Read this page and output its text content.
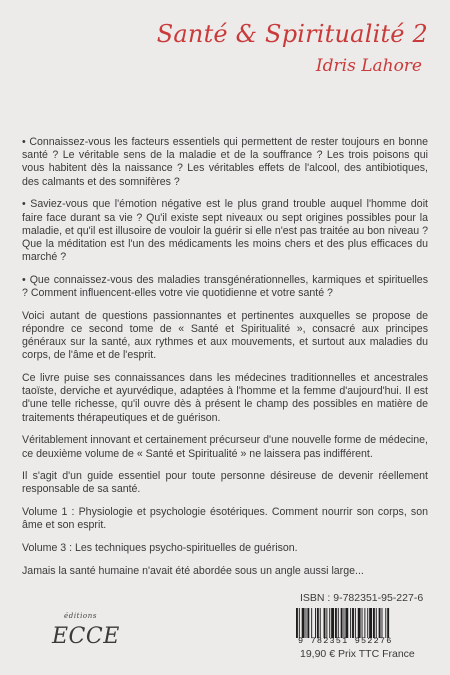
Santé & Spiritualité 2
Idris Lahore

• Connaissez-vous les facteurs essentiels qui permettent de rester toujours en bonne santé ? Le véritable sens de la maladie et de la souffrance ? Les trois poisons qui vous habitent dès la naissance ? Les véritables effets de l'alcool, des antibiotiques, des calmants et des somnifères ?

• Saviez-vous que l'émotion négative est le plus grand trouble auquel l'homme doit faire face durant sa vie ? Qu'il existe sept niveaux ou sept origines possibles pour la maladie, et qu'il est illusoire de vouloir la guérir si elle n'est pas traitée au bon niveau ? Que la méditation est l'un des médicaments les moins chers et des plus efficaces du marché ?

• Que connaissez-vous des maladies transgénérationnelles, karmiques et spirituelles ? Comment influencent-elles votre vie quotidienne et votre santé ?

Voici autant de questions passionnantes et pertinentes auxquelles se propose de répondre ce second tome de « Santé et Spiritualité », consacré aux principes généraux sur la santé, aux rythmes et aux mouvements, et surtout aux maladies du corps, de l'âme et de l'esprit.

Ce livre puise ses connaissances dans les médecines traditionnelles et ancestrales taoïste, derviche et ayurvédique, adaptées à l'homme et la femme d'aujourd'hui. Il est d'une telle richesse, qu'il ouvre dès à présent le champ des possibles en matière de traitements thérapeutiques et de guérison.

Véritablement innovant et certainement précurseur d'une nouvelle forme de médecine, ce deuxième volume de « Santé et Spiritualité » ne laissera pas indifférent.

Il s'agit d'un guide essentiel pour toute personne désireuse de devenir réellement responsable de sa santé.

Volume 1 : Physiologie et psychologie ésotériques. Comment nourrir son corps, son âme et son esprit.

Volume 3 : Les techniques psycho-spirituelles de guérison.

Jamais la santé humaine n'avait été abordée sous un angle aussi large...

éditions
ECCE
ISBN : 9-782351-95-227-6
9 782351 952276
19,90 € Prix TTC France
